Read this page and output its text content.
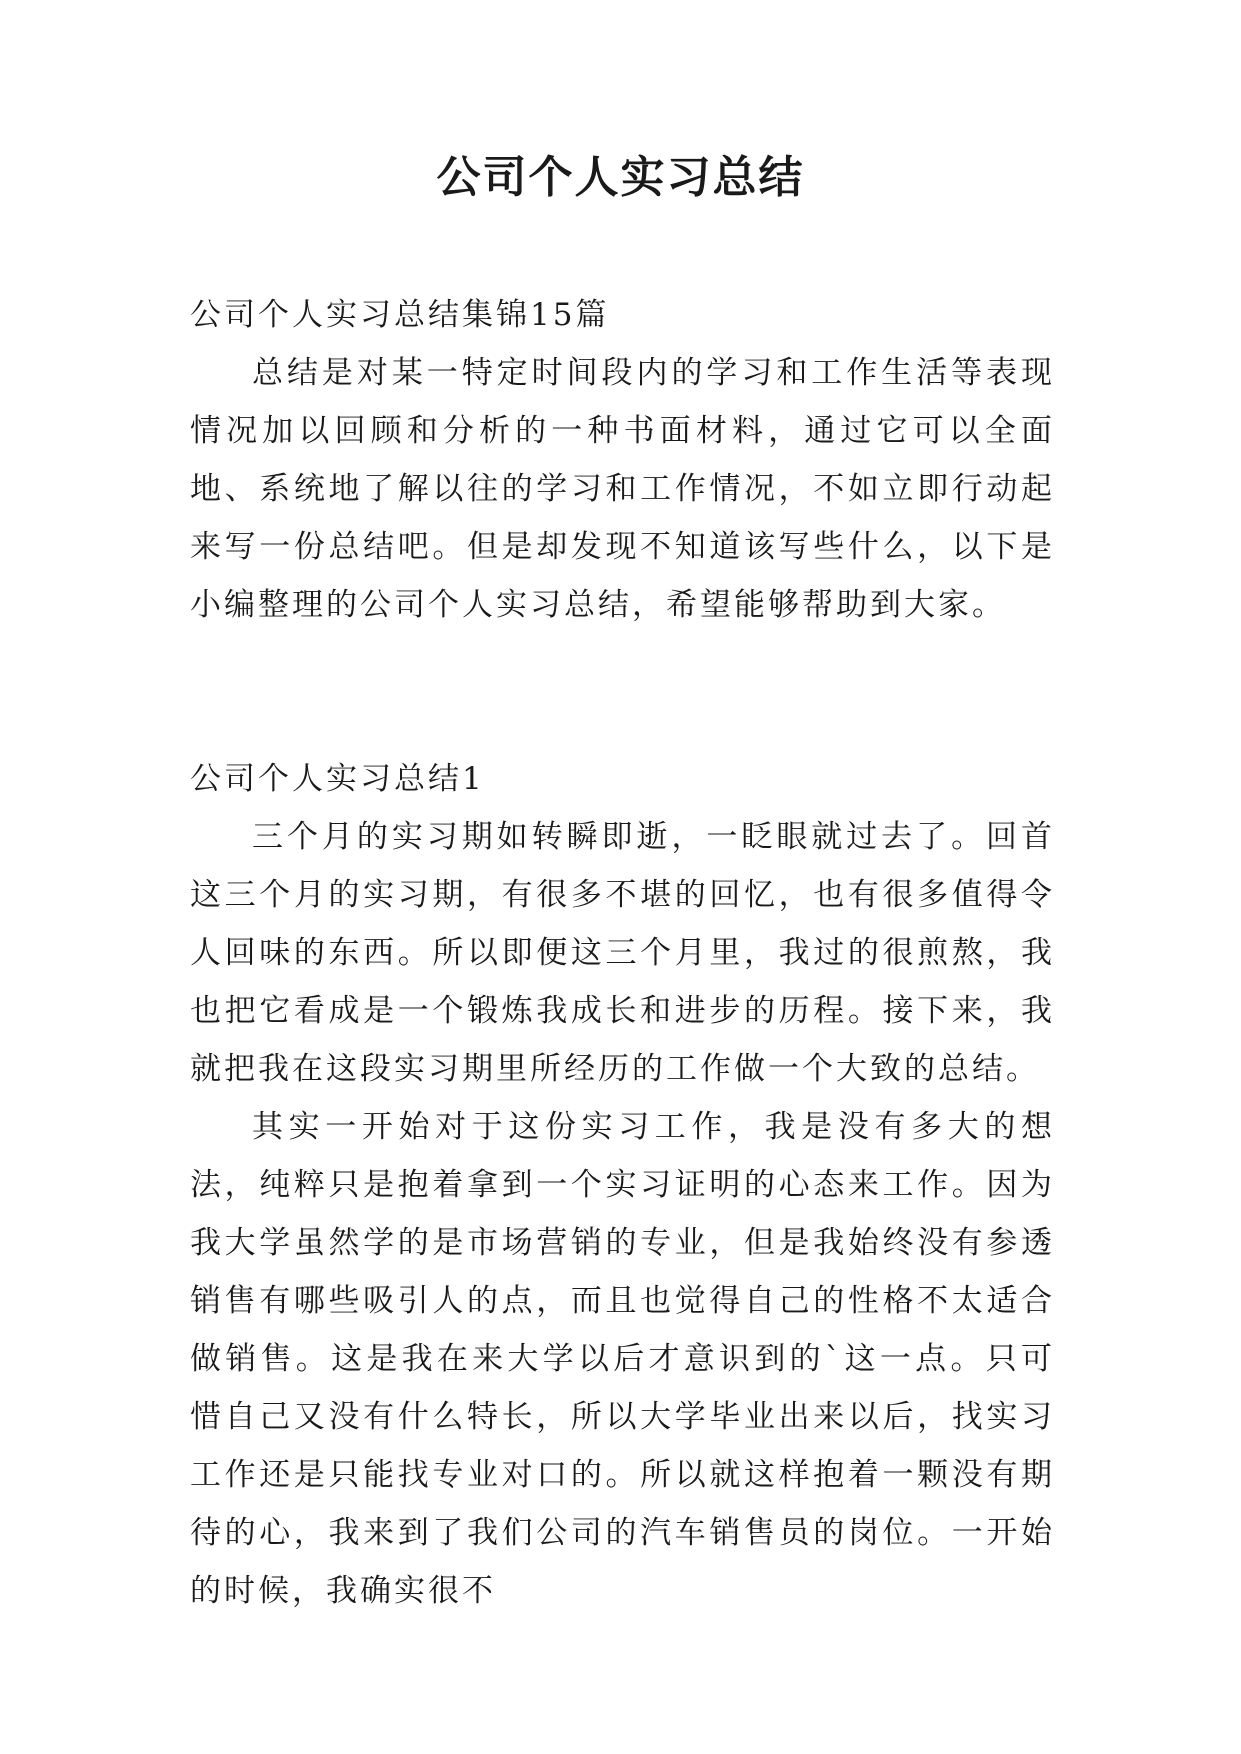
公司个人实习总结

公司个人实习总结集锦15篇

总结是对某一特定时间段内的学习和工作生活等表现情况加以回顾和分析的一种书面材料，通过它可以全面地、系统地了解以往的学习和工作情况，不如立即行动起来写一份总结吧。但是却发现不知道该写些什么，以下是小编整理的公司个人实习总结，希望能够帮助到大家。

公司个人实习总结1

三个月的实习期如转瞬即逝，一眨眼就过去了。回首这三个月的实习期，有很多不堪的回忆，也有很多值得令人回味的东西。所以即便这三个月里，我过的很煎熬，我也把它看成是一个锻炼我成长和进步的历程。接下来，我就把我在这段实习期里所经历的工作做一个大致的总结。

其实一开始对于这份实习工作，我是没有多大的想法，纯粹只是抱着拿到一个实习证明的心态来工作。因为我大学虽然学的是市场营销的专业，但是我始终没有参透销售有哪些吸引人的点，而且也觉得自己的性格不太适合做销售。这是我在来大学以后才意识到的`这一点。只可惜自己又没有什么特长，所以大学毕业出来以后，找实习工作还是只能找专业对口的。所以就这样抱着一颗没有期待的心，我来到了我们公司的汽车销售员的岗位。一开始的时候，我确实很不
